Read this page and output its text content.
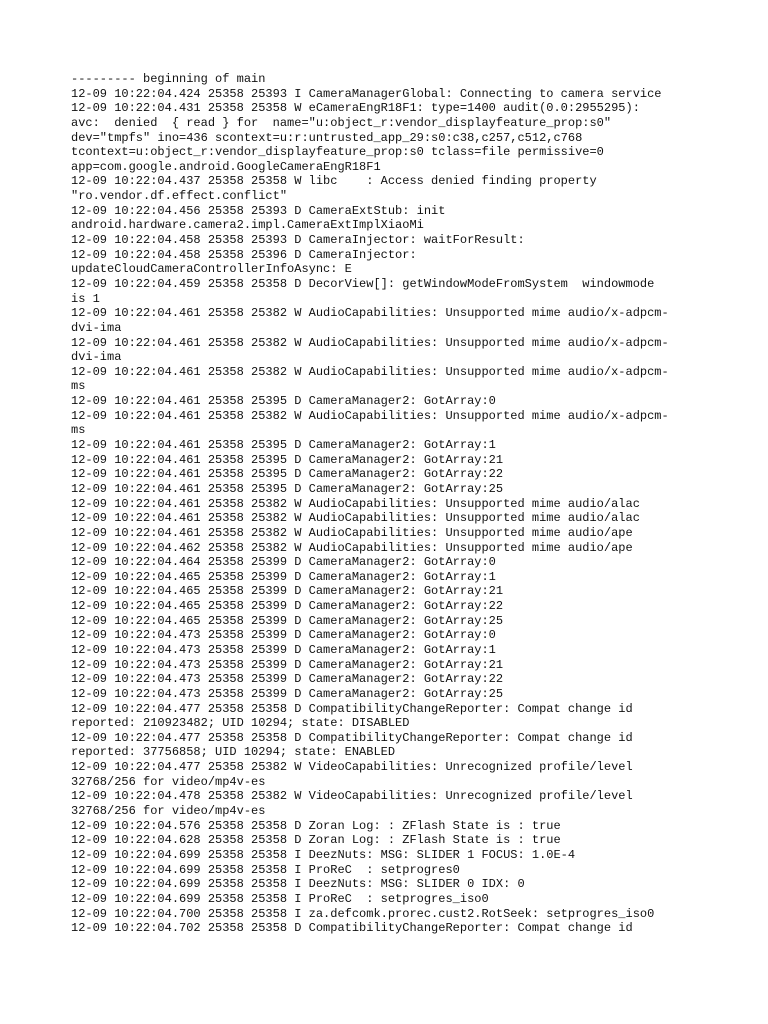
--------- beginning of main
12-09 10:22:04.424 25358 25393 I CameraManagerGlobal: Connecting to camera service
12-09 10:22:04.431 25358 25358 W eCameraEngR18F1: type=1400 audit(0.0:2955295):
avc:  denied  { read } for  name="u:object_r:vendor_displayfeature_prop:s0"
dev="tmpfs" ino=436 scontext=u:r:untrusted_app_29:s0:c38,c257,c512,c768
tcontext=u:object_r:vendor_displayfeature_prop:s0 tclass=file permissive=0
app=com.google.android.GoogleCameraEngR18F1
12-09 10:22:04.437 25358 25358 W libc    : Access denied finding property
"ro.vendor.df.effect.conflict"
12-09 10:22:04.456 25358 25393 D CameraExtStub: init
android.hardware.camera2.impl.CameraExtImplXiaoMi
12-09 10:22:04.458 25358 25393 D CameraInjector: waitForResult:
12-09 10:22:04.458 25358 25396 D CameraInjector:
updateCloudCameraControllerInfoAsync: E
12-09 10:22:04.459 25358 25358 D DecorView[]: getWindowModeFromSystem  windowmode
is 1
12-09 10:22:04.461 25358 25382 W AudioCapabilities: Unsupported mime audio/x-adpcm-
dvi-ima
12-09 10:22:04.461 25358 25382 W AudioCapabilities: Unsupported mime audio/x-adpcm-
dvi-ima
12-09 10:22:04.461 25358 25382 W AudioCapabilities: Unsupported mime audio/x-adpcm-
ms
12-09 10:22:04.461 25358 25395 D CameraManager2: GotArray:0
12-09 10:22:04.461 25358 25382 W AudioCapabilities: Unsupported mime audio/x-adpcm-
ms
12-09 10:22:04.461 25358 25395 D CameraManager2: GotArray:1
12-09 10:22:04.461 25358 25395 D CameraManager2: GotArray:21
12-09 10:22:04.461 25358 25395 D CameraManager2: GotArray:22
12-09 10:22:04.461 25358 25395 D CameraManager2: GotArray:25
12-09 10:22:04.461 25358 25382 W AudioCapabilities: Unsupported mime audio/alac
12-09 10:22:04.461 25358 25382 W AudioCapabilities: Unsupported mime audio/alac
12-09 10:22:04.461 25358 25382 W AudioCapabilities: Unsupported mime audio/ape
12-09 10:22:04.462 25358 25382 W AudioCapabilities: Unsupported mime audio/ape
12-09 10:22:04.464 25358 25399 D CameraManager2: GotArray:0
12-09 10:22:04.465 25358 25399 D CameraManager2: GotArray:1
12-09 10:22:04.465 25358 25399 D CameraManager2: GotArray:21
12-09 10:22:04.465 25358 25399 D CameraManager2: GotArray:22
12-09 10:22:04.465 25358 25399 D CameraManager2: GotArray:25
12-09 10:22:04.473 25358 25399 D CameraManager2: GotArray:0
12-09 10:22:04.473 25358 25399 D CameraManager2: GotArray:1
12-09 10:22:04.473 25358 25399 D CameraManager2: GotArray:21
12-09 10:22:04.473 25358 25399 D CameraManager2: GotArray:22
12-09 10:22:04.473 25358 25399 D CameraManager2: GotArray:25
12-09 10:22:04.477 25358 25358 D CompatibilityChangeReporter: Compat change id
reported: 210923482; UID 10294; state: DISABLED
12-09 10:22:04.477 25358 25358 D CompatibilityChangeReporter: Compat change id
reported: 37756858; UID 10294; state: ENABLED
12-09 10:22:04.477 25358 25382 W VideoCapabilities: Unrecognized profile/level
32768/256 for video/mp4v-es
12-09 10:22:04.478 25358 25382 W VideoCapabilities: Unrecognized profile/level
32768/256 for video/mp4v-es
12-09 10:22:04.576 25358 25358 D Zoran Log: : ZFlash State is : true
12-09 10:22:04.628 25358 25358 D Zoran Log: : ZFlash State is : true
12-09 10:22:04.699 25358 25358 I DeezNuts: MSG: SLIDER 1 FOCUS: 1.0E-4
12-09 10:22:04.699 25358 25358 I ProReC  : setprogres0
12-09 10:22:04.699 25358 25358 I DeezNuts: MSG: SLIDER 0 IDX: 0
12-09 10:22:04.699 25358 25358 I ProReC  : setprogres_iso0
12-09 10:22:04.700 25358 25358 I za.defcomk.prorec.cust2.RotSeek: setprogres_iso0
12-09 10:22:04.702 25358 25358 D CompatibilityChangeReporter: Compat change id
